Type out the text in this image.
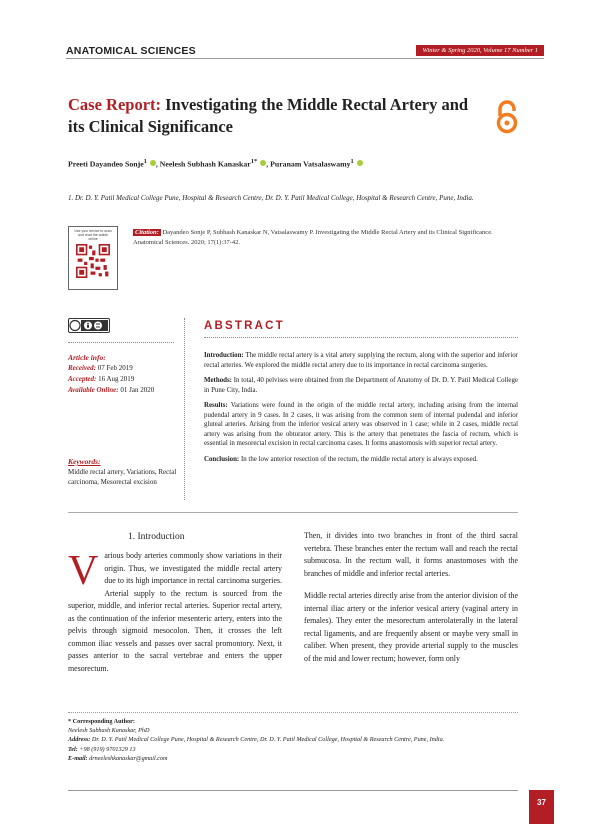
ANATOMICAL SCIENCES	Winter & Spring 2020, Volume 17 Number 1
Case Report: Investigating the Middle Rectal Artery and its Clinical Significance
Preeti Dayandeo Sonje$^1$ , Neelesh Subhash Kanaskar$^{1*}$ , Puranam Vatsalaswamy$^1$
1. Dr. D. Y. Patil Medical College Pune, Hospital & Research Centre, Dr. D. Y. Patil Medical College, Hospital & Research Centre, Pune, India.
Use your device to scan and read the article online
Citation: Dayandeo Sonje P, Subhash Kanaskar N, Vatsalaswamy P. Investigating the Middle Rectal Artery and its Clinical Significance. Anatomical Sciences. 2020; 17(1):37-42.
ABSTRACT
Article info:
Received: 07 Feb 2019
Accepted: 16 Aug 2019
Available Online: 01 Jan 2020
Keywords:
Middle rectal artery, Variations, Rectal carcinoma, Mesorectal excision

Introduction: The middle rectal artery is a vital artery supplying the rectum, along with the superior and inferior rectal arteries. We explored the middle rectal artery due to its importance in rectal carcinoma surgeries.

Methods: In total, 40 pelvises were obtained from the Department of Anatomy of Dr. D. Y. Patil Medical College in Pune City, India.

Results: Variations were found in the origin of the middle rectal artery, including arising from the internal pudendal artery in 9 cases. In 2 cases, it was arising from the common stem of internal pudendal and inferior gluteal arteries. Arising from the inferior vesical artery was observed in 1 case; while in 2 cases, middle rectal artery was arising from the obturator artery. This is the artery that penetrates the fascia of rectum, which is essential in mesorectal excision in rectal carcinoma cases. It forms anastomosis with superior rectal artery.

Conclusion: In the low anterior resection of the rectum, the middle rectal artery is always exposed.

1. Introduction

Various body arteries commonly show variations in their origin. Thus, we investigated the middle rectal artery due to its high importance in rectal carcinoma surgeries. Arterial supply to the rectum is sourced from the superior, middle, and inferior rectal arteries. Superior rectal artery, as the continuation of the inferior mesenteric artery, enters into the pelvis through sigmoid mesocolon. Then, it crosses the left common iliac vessels and passes over sacral promontory. Next, it passes anterior to the sacral vertebrae and enters the upper mesorectum.

Then, it divides into two branches in front of the third sacral vertebra. These branches enter the rectum wall and reach the rectal submucosa. In the rectum wall, it forms anastomoses with the branches of middle and inferior rectal arteries.

Middle rectal arteries directly arise from the anterior division of the internal iliac artery or the inferior vesical artery (vaginal artery in females). They enter the mesorectum anterolaterally in the lateral rectal ligaments, and are frequently absent or maybe very small in caliber. When present, they provide arterial supply to the muscles of the mid and lower rectum; however, form only

* Corresponding Author:
Neelesh Subhash Kanaskar, PhD
Address: Dr. D. Y. Patil Medical College Pune, Hospital & Research Centre, Dr. D. Y. Patil Medical College, Hospital & Research Centre, Pune, India.
Tel: +98 (919) 9701329 13
E-mail: drneeleshkanaskar@gmail.com
37
